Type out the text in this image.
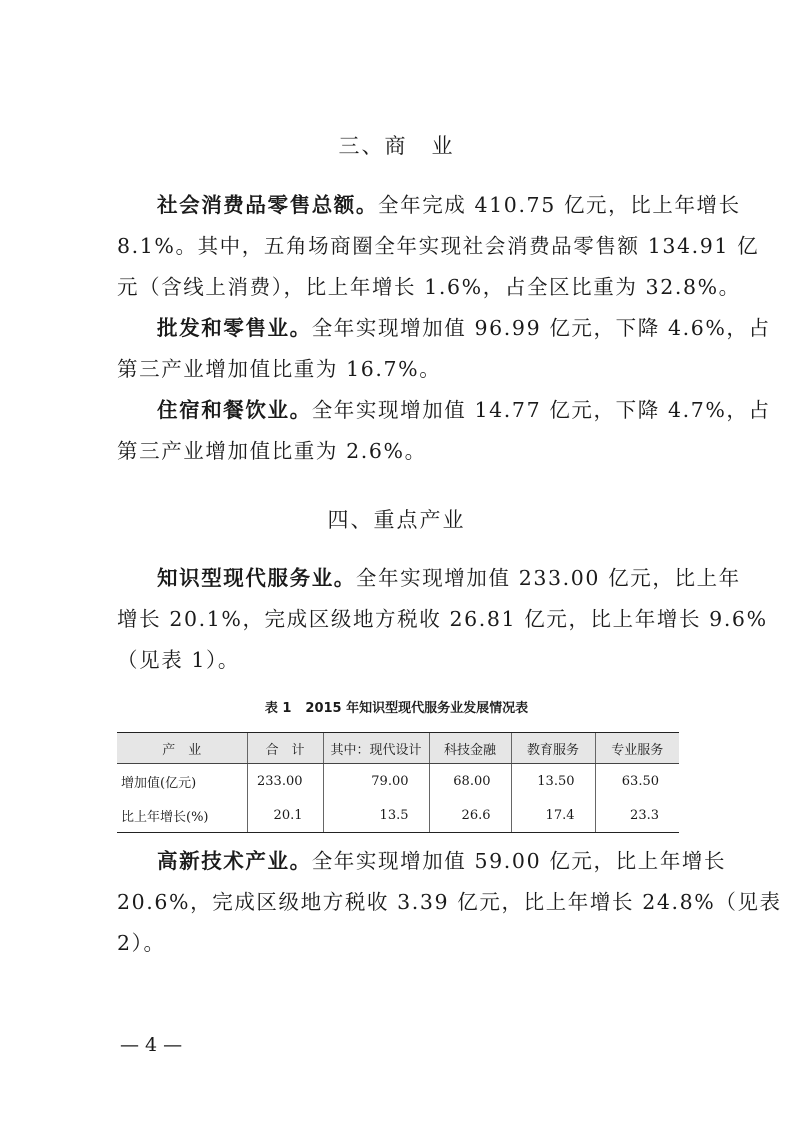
三、商 业
社会消费品零售总额。全年完成 410.75 亿元，比上年增长
8.1%。其中，五角场商圈全年实现社会消费品零售额 134.91 亿
元（含线上消费），比上年增长 1.6%，占全区比重为 32.8%。
批发和零售业。全年实现增加值 96.99 亿元，下降 4.6%，占
第三产业增加值比重为 16.7%。
住宿和餐饮业。全年实现增加值 14.77 亿元，下降 4.7%，占
第三产业增加值比重为 2.6%。
四、重点产业
知识型现代服务业。全年实现增加值 233.00 亿元，比上年
增长 20.1%，完成区级地方税收 26.81 亿元，比上年增长 9.6%
（见表 1）。
表 1 2015 年知识型现代服务业发展情况表
产　业	合　计	其中：现代设计	科技金融	教育服务	专业服务
增加值(亿元)	233.00	79.00	68.00	13.50	63.50
比上年增长(%)	20.1	13.5	26.6	17.4	23.3
高新技术产业。全年实现增加值 59.00 亿元，比上年增长
20.6%，完成区级地方税收 3.39 亿元，比上年增长 24.8%（见表
2）。
— 4 —
